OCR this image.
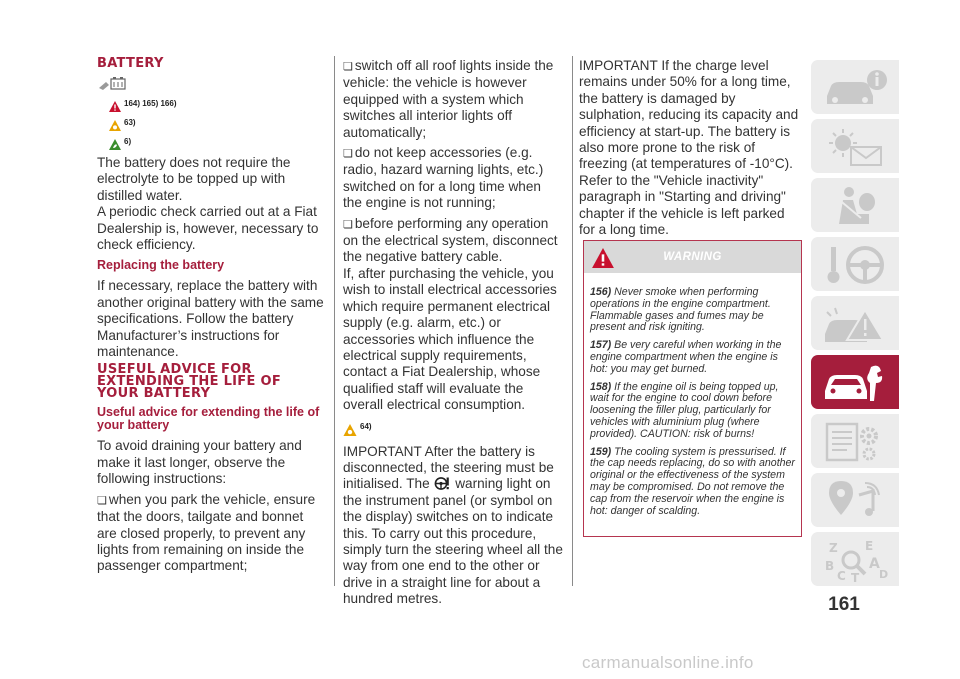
BATTERY
164) 165) 166)
63)
6)

The battery does not require the electrolyte to be topped up with distilled water.

A periodic check carried out at a Fiat Dealership is, however, necessary to check efficiency.

Replacing the battery

If necessary, replace the battery with another original battery with the same specifications. Follow the battery Manufacturer’s instructions for maintenance.

USEFUL ADVICE FOR EXTENDING THE LIFE OF YOUR BATTERY
Useful advice for extending the life of your battery

To avoid draining your battery and make it last longer, observe the following instructions:

❏ when you park the vehicle, ensure that the doors, tailgate and bonnet are closed properly, to prevent any lights from remaining on inside the passenger compartment;

❏ switch off all roof lights inside the vehicle: the vehicle is however equipped with a system which switches all interior lights off automatically;

❏ do not keep accessories (e.g. radio, hazard warning lights, etc.) switched on for a long time when the engine is not running;

❏ before performing any operation on the electrical system, disconnect the negative battery cable.

If, after purchasing the vehicle, you wish to install electrical accessories which require permanent electrical supply (e.g. alarm, etc.) or accessories which influence the electrical supply requirements, contact a Fiat Dealership, whose qualified staff will evaluate the overall electrical consumption.

64)

IMPORTANT After the battery is disconnected, the steering must be initialised. The warning light on the instrument panel (or symbol on the display) switches on to indicate this. To carry out this procedure, simply turn the steering wheel all the way from one end to the other or drive in a straight line for about a hundred metres.

IMPORTANT If the charge level remains under 50% for a long time, the battery is damaged by sulphation, reducing its capacity and efficiency at start-up. The battery is also more prone to the risk of freezing (at temperatures of -10°C). Refer to the "Vehicle inactivity" paragraph in "Starting and driving" chapter if the vehicle is left parked for a long time.

WARNING

156) Never smoke when performing operations in the engine compartment. Flammable gases and fumes may be present and risk igniting.

157) Be very careful when working in the engine compartment when the engine is hot: you may get burned.

158) If the engine oil is being topped up, wait for the engine to cool down before loosening the filler plug, particularly for vehicles with aluminium plug (where provided). CAUTION: risk of burns!

159) The cooling system is pressurised. If the cap needs replacing, do so with another original or the effectiveness of the system may be compromised. Do not remove the cap from the reservoir when the engine is hot: danger of scalding.

Z E
B A
C T D
161
carmanualsonline.info
